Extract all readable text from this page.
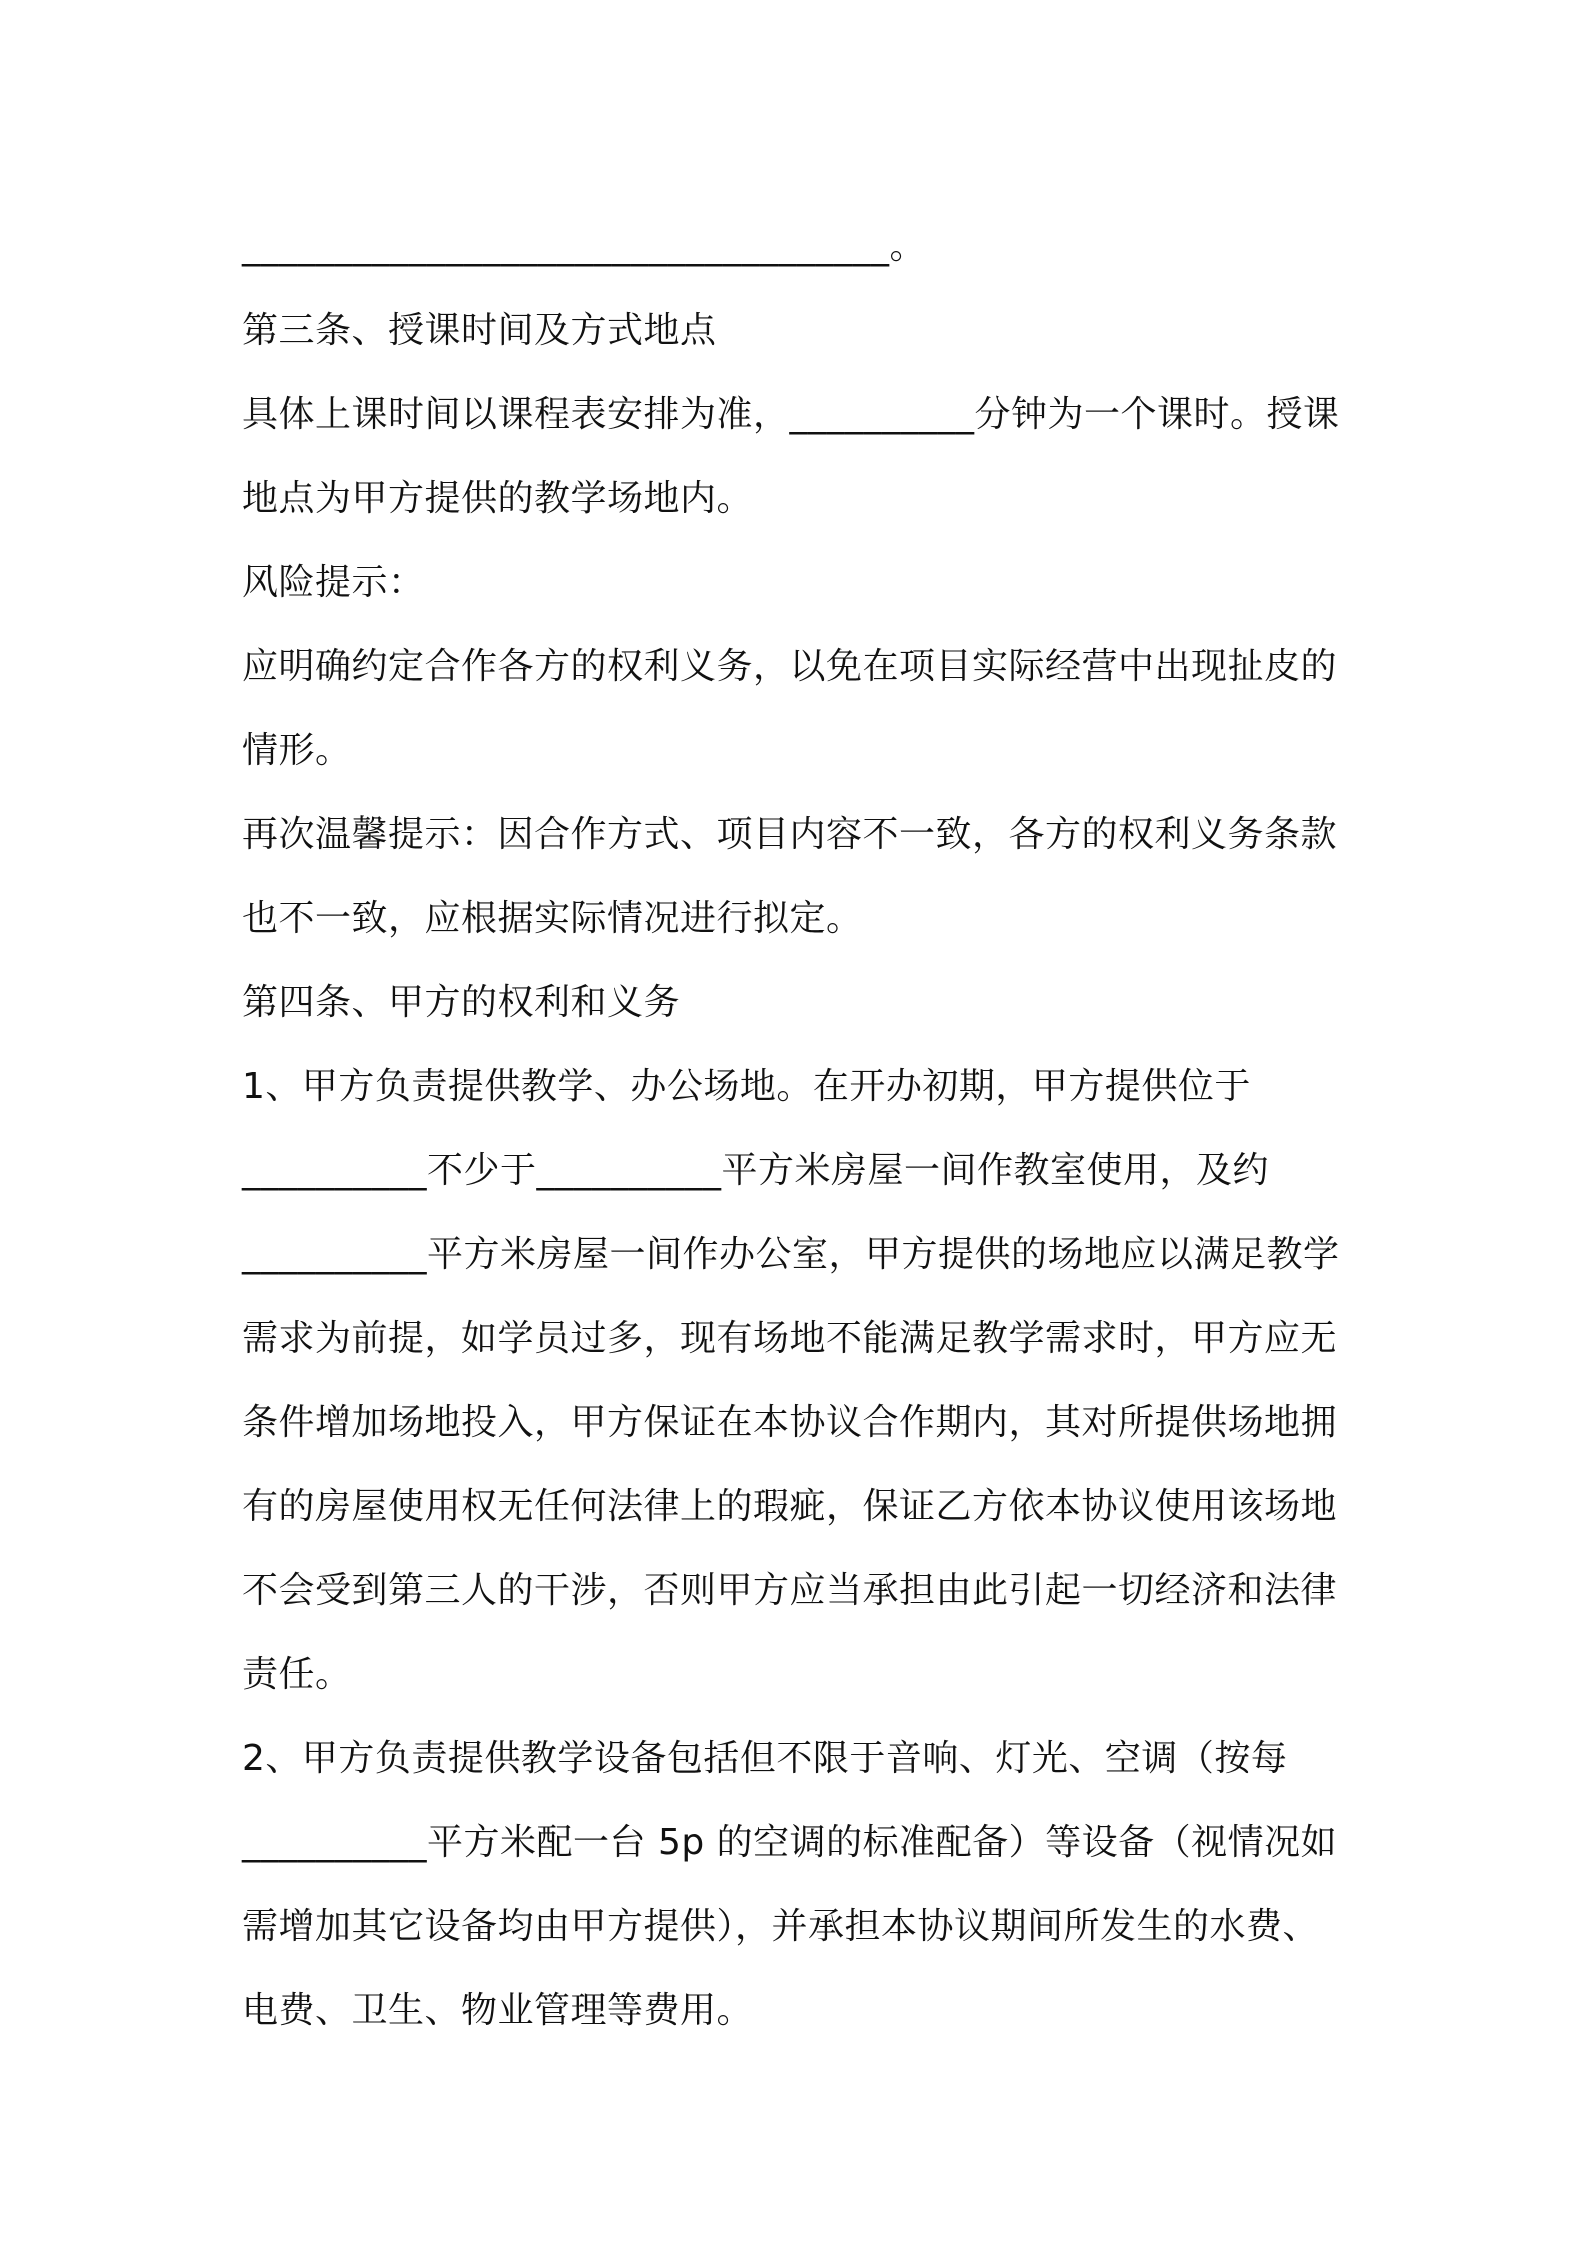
___________________________________。
第三条、授课时间及方式地点
具体上课时间以课程表安排为准，__________分钟为一个课时。授课
地点为甲方提供的教学场地内。
风险提示：
应明确约定合作各方的权利义务，以免在项目实际经营中出现扯皮的
情形。
再次温馨提示：因合作方式、项目内容不一致，各方的权利义务条款
也不一致，应根据实际情况进行拟定。
第四条、甲方的权利和义务
1、甲方负责提供教学、办公场地。在开办初期，甲方提供位于
__________不少于__________平方米房屋一间作教室使用，及约
__________平方米房屋一间作办公室，甲方提供的场地应以满足教学
需求为前提，如学员过多，现有场地不能满足教学需求时，甲方应无
条件增加场地投入，甲方保证在本协议合作期内，其对所提供场地拥
有的房屋使用权无任何法律上的瑕疵，保证乙方依本协议使用该场地
不会受到第三人的干涉，否则甲方应当承担由此引起一切经济和法律
责任。
2、甲方负责提供教学设备包括但不限于音响、灯光、空调（按每
__________平方米配一台 5p 的空调的标准配备）等设备（视情况如
需增加其它设备均由甲方提供），并承担本协议期间所发生的水费、
电费、卫生、物业管理等费用。
